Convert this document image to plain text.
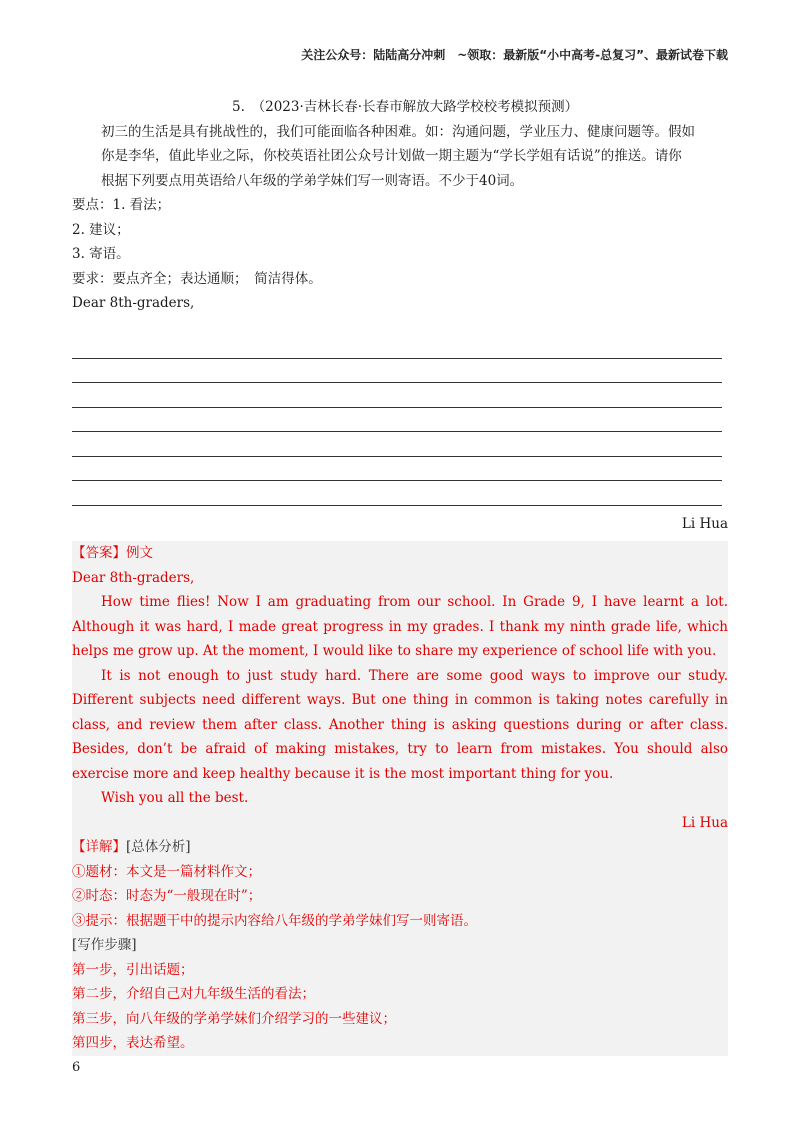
关注公众号：陆陆高分冲刺　~领取：最新版“小中高考-总复习”、最新试卷下载
5.　（2023·吉林长春·长春市解放大路学校校考模拟预测）
初三的生活是具有挑战性的，我们可能面临各种困难。如：沟通问题，学业压力、健康问题等。假如
你是李华，值此毕业之际，你校英语社团公众号计划做一期主题为“学长学姐有话说”的推送。请你
根据下列要点用英语给八年级的学弟学妹们写一则寄语。不少于40词。
要点：1. 看法；
2. 建议；
3. 寄语。
要求：要点齐全；表达通顺；　简洁得体。
Dear 8th-graders,
Li Hua
【答案】例文
Dear 8th-graders,
How time flies! Now I am graduating from our school. In Grade 9, I have learnt a lot. Although it was hard, I made great progress in my grades. I thank my ninth grade life, which helps me grow up. At the moment, I would like to share my experience of school life with you.
It is not enough to just study hard. There are some good ways to improve our study. Different subjects need different ways. But one thing in common is taking notes carefully in class, and review them after class. Another thing is asking questions during or after class. Besides, don’t be afraid of making mistakes, try to learn from mistakes. You should also exercise more and keep healthy because it is the most important thing for you.
Wish you all the best.
Li Hua
【详解】[总体分析]
①题材：本文是一篇材料作文；
②时态：时态为“一般现在时”；
③提示：根据题干中的提示内容给八年级的学弟学妹们写一则寄语。
[写作步骤]
第一步，引出话题；
第二步，介绍自己对九年级生活的看法；
第三步，向八年级的学弟学妹们介绍学习的一些建议；
第四步，表达希望。
6
